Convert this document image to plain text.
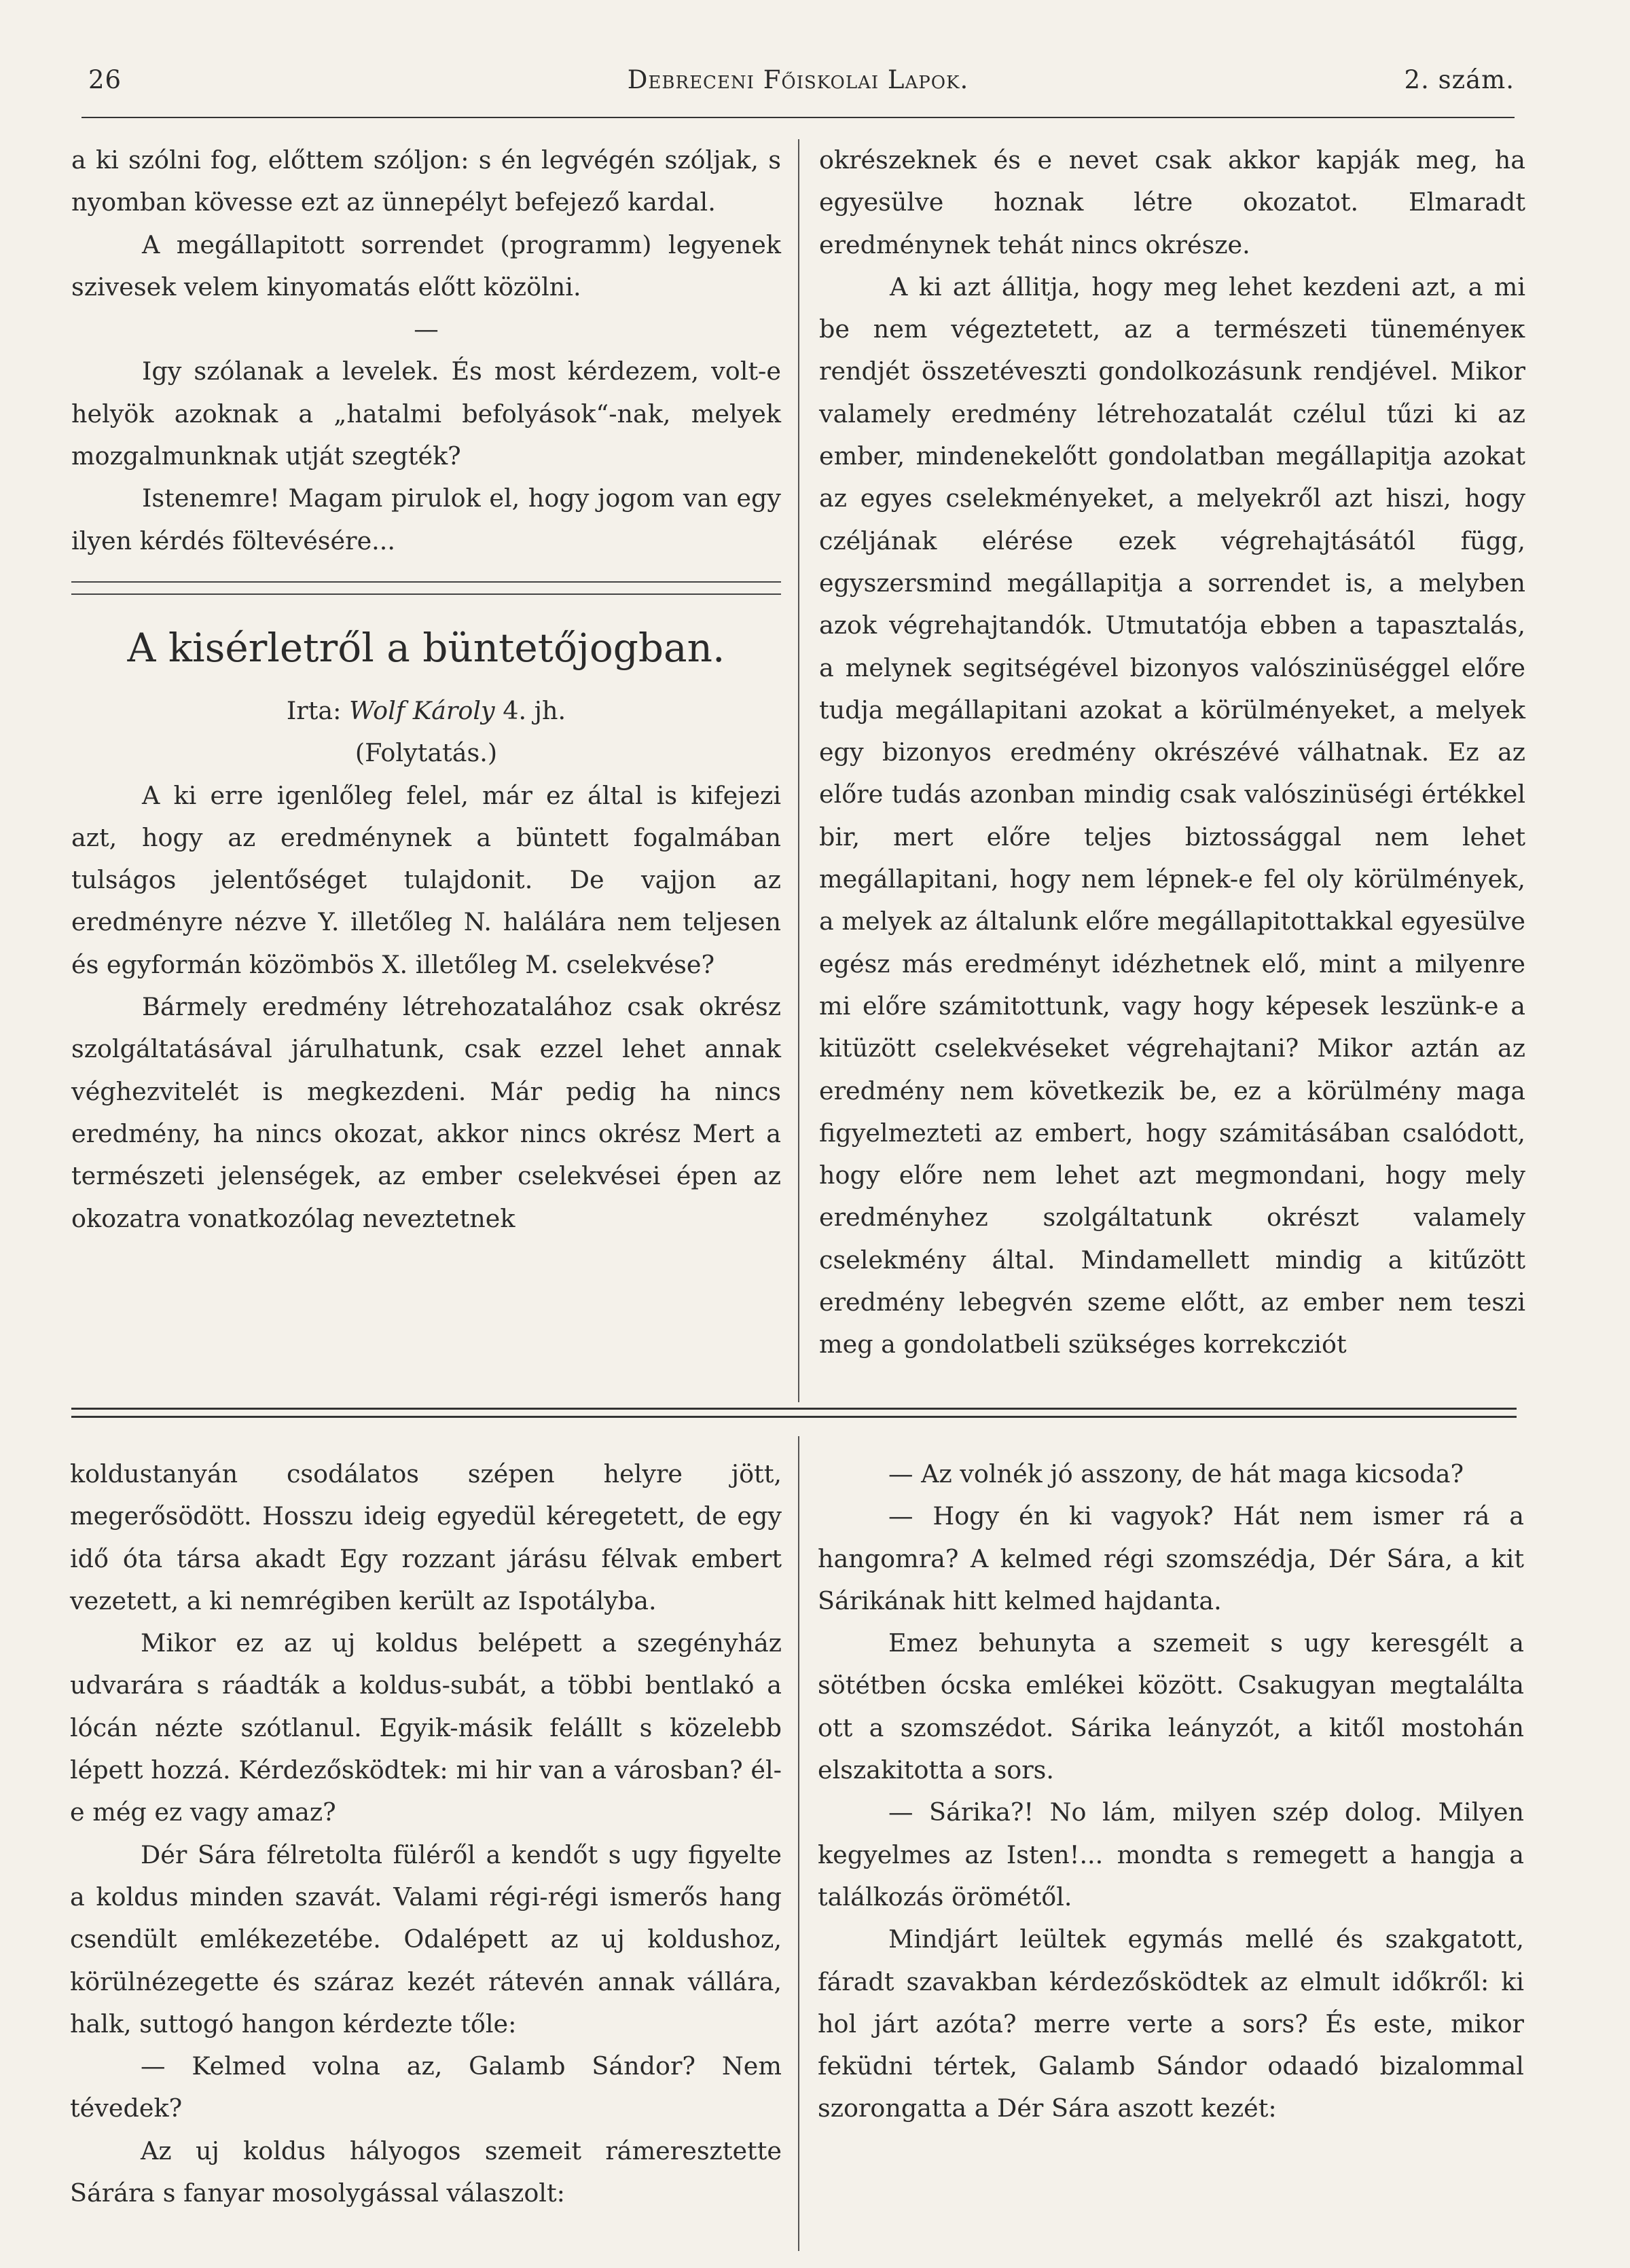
26	Debreceni Főiskolai Lapok.	2. szám.

a ki szólni fog, előttem szóljon: s én legvégén szóljak, s nyomban kövesse ezt az ünnepélyt befejező kardal.

A megállapitott sorrendet (programm) legyenek szivesek velem kinyomatás előtt közölni.

—

Igy szólanak a levelek. És most kérdezem, volt-e helyök azoknak a „hatalmi befolyások“-nak, melyek mozgalmunknak utját szegték?

Istenemre! Magam pirulok el, hogy jogom van egy ilyen kérdés föltevésére...

A kisérletről a büntetőjogban.

Irta: Wolf Károly 4. jh.

(Folytatás.)

A ki erre igenlőleg felel, már ez által is kifejezi azt, hogy az eredménynek a büntett fogalmában tulságos jelentőséget tulajdonit. De vajjon az eredményre nézve Y. illetőleg N. halálára nem teljesen és egyformán közömbös X. illetőleg M. cselekvése?

Bármely eredmény létrehozatalához csak okrész szolgáltatásával járulhatunk, csak ezzel lehet annak véghezvitelét is megkezdeni. Már pedig ha nincs eredmény, ha nincs okozat, akkor nincs okrész Mert a természeti jelenségek, az ember cselekvései épen az okozatra vonatkozólag neveztetnek

okrészeknek és e nevet csak akkor kapják meg, ha egyesülve hoznak létre okozatot. Elmaradt eredménynek tehát nincs okrésze.

A ki azt állitja, hogy meg lehet kezdeni azt, a mi be nem végeztetett, az a természeti tüneményeк rendjét összetéveszti gondolkozásunk rendjével. Mikor valamely eredmény létrehozatalát czélul tűzi ki az ember, mindenekelőtt gondolatban megállapitja azokat az egyes cselekményeket, a melyekről azt hiszi, hogy czéljának elérése ezek végrehajtásától függ, egyszersmind megállapitja a sorrendet is, a melyben azok végrehajtandók. Utmutatója ebben a tapasztalás, a melynek segitségével bizonyos valószinüséggel előre tudja megállapitani azokat a körülményeket, a melyek egy bizonyos eredmény okrészévé válhatnak. Ez az előre tudás azonban mindig csak valószinüségi értékkel bir, mert előre teljes biztossággal nem lehet megállapitani, hogy nem lépnek-e fel oly körülmények, a melyek az általunk előre megállapitottakkal egyesülve egész más eredményt idézhetnek elő, mint a milyenre mi előre számitottunk, vagy hogy képesek leszünk-e a kitüzött cselekvéseket végrehajtani? Mikor aztán az eredmény nem következik be, ez a körülmény maga figyelmezteti az embert, hogy számitásában csalódott, hogy előre nem lehet azt megmondani, hogy mely eredményhez szolgáltatunk okrészt valamely cselekmény által. Mindamellett mindig a kitűzött eredmény lebegvén szeme előtt, az ember nem teszi meg a gondolatbeli szükséges korrekcziót

koldustanyán csodálatos szépen helyre jött, megerősödött. Hosszu ideig egyedül kéregetett, de egy idő óta társa akadt Egy rozzant járásu félvak embert vezetett, a ki nemrégiben került az Ispotályba.

Mikor ez az uj koldus belépett a szegényház udvarára s ráadták a koldus-subát, a többi bentlakó a lócán nézte szótlanul. Egyik-másik felállt s közelebb lépett hozzá. Kérdezősködtek: mi hir van a városban? él-e még ez vagy amaz?

Dér Sára félretolta füléről a kendőt s ugy figyelte a koldus minden szavát. Valami régi-régi ismerős hang csendült emlékezetébe. Odalépett az uj koldushoz, körülnézegette és száraz kezét rátevén annak vállára, halk, suttogó hangon kérdezte tőle:

— Kelmed volna az, Galamb Sándor? Nem tévedek?

Az uj koldus hályogos szemeit rámeresztette Sárára s fanyar mosolygással válaszolt:

— Az volnék jó asszony, de hát maga kicsoda?

— Hogy én ki vagyok? Hát nem ismer rá a hangomra? A kelmed régi szomszédja, Dér Sára, a kit Sárikának hitt kelmed hajdanta.

Emez behunyta a szemeit s ugy keresgélt a sötétben ócska emlékei között. Csakugyan megtalálta ott a szomszédot. Sárika leányzót, a kitől mostohán elszakitotta a sors.

— Sárika?! No lám, milyen szép dolog. Milyen kegyelmes az Isten!... mondta s remegett a hangja a találkozás örömétől.

Mindjárt leültek egymás mellé és szakgatott, fáradt szavakban kérdezősködtek az elmult időkről: ki hol járt azóta? merre verte a sors? És este, mikor feküdni tértek, Galamb Sándor odaadó bizalommal szorongatta a Dér Sára aszott kezét:
